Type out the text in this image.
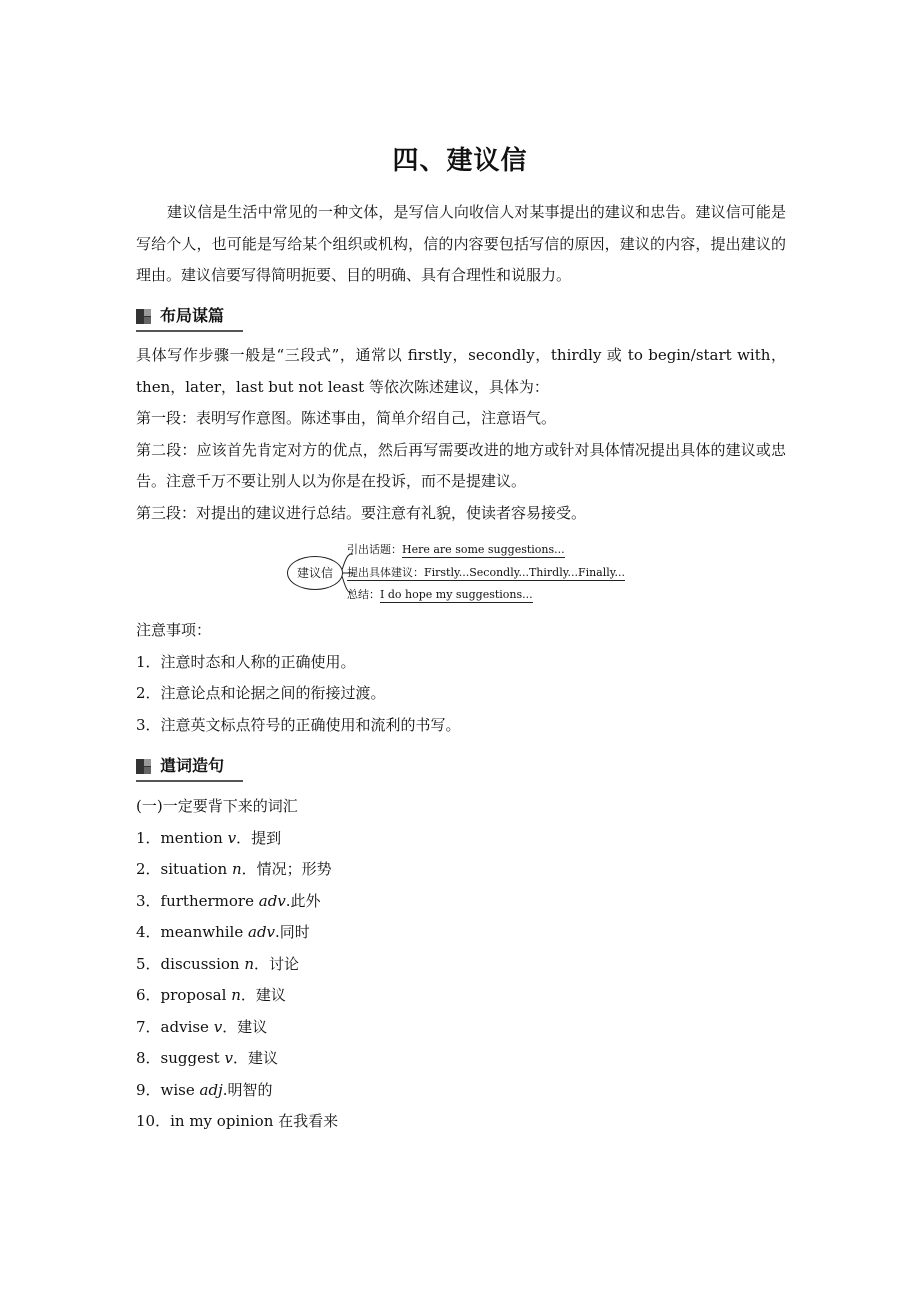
四、建议信
建议信是生活中常见的一种文体，是写信人向收信人对某事提出的建议和忠告。建议信可能是写给个人，也可能是写给某个组织或机构，信的内容要包括写信的原因，建议的内容，提出建议的理由。建议信要写得简明扼要、目的明确、具有合理性和说服力。
布局谋篇

具体写作步骤一般是“三段式”，通常以 firstly，secondly，thirdly 或 to begin/start with，then，later，last but not least 等依次陈述建议，具体为：

第一段：表明写作意图。陈述事由，简单介绍自己，注意语气。

第二段：应该首先肯定对方的优点，然后再写需要改进的地方或针对具体情况提出具体的建议或忠告。注意千万不要让别人以为你是在投诉，而不是提建议。

第三段：对提出的建议进行总结。要注意有礼貌，使读者容易接受。

建议信
引出话题：Here are some suggestions...
提出具体建议：Firstly...Secondly...Thirdly...Finally...
总结：I do hope my suggestions...

注意事项：

1．注意时态和人称的正确使用。

2．注意论点和论据之间的衔接过渡。

3．注意英文标点符号的正确使用和流利的书写。

遣词造句

(一)一定要背下来的词汇

1．mention v．提到

2．situation n．情况；形势

3．furthermore adv.此外

4．meanwhile adv.同时

5．discussion n．讨论

6．proposal n．建议

7．advise v．建议

8．suggest v．建议

9．wise adj.明智的

10．in my opinion 在我看来
